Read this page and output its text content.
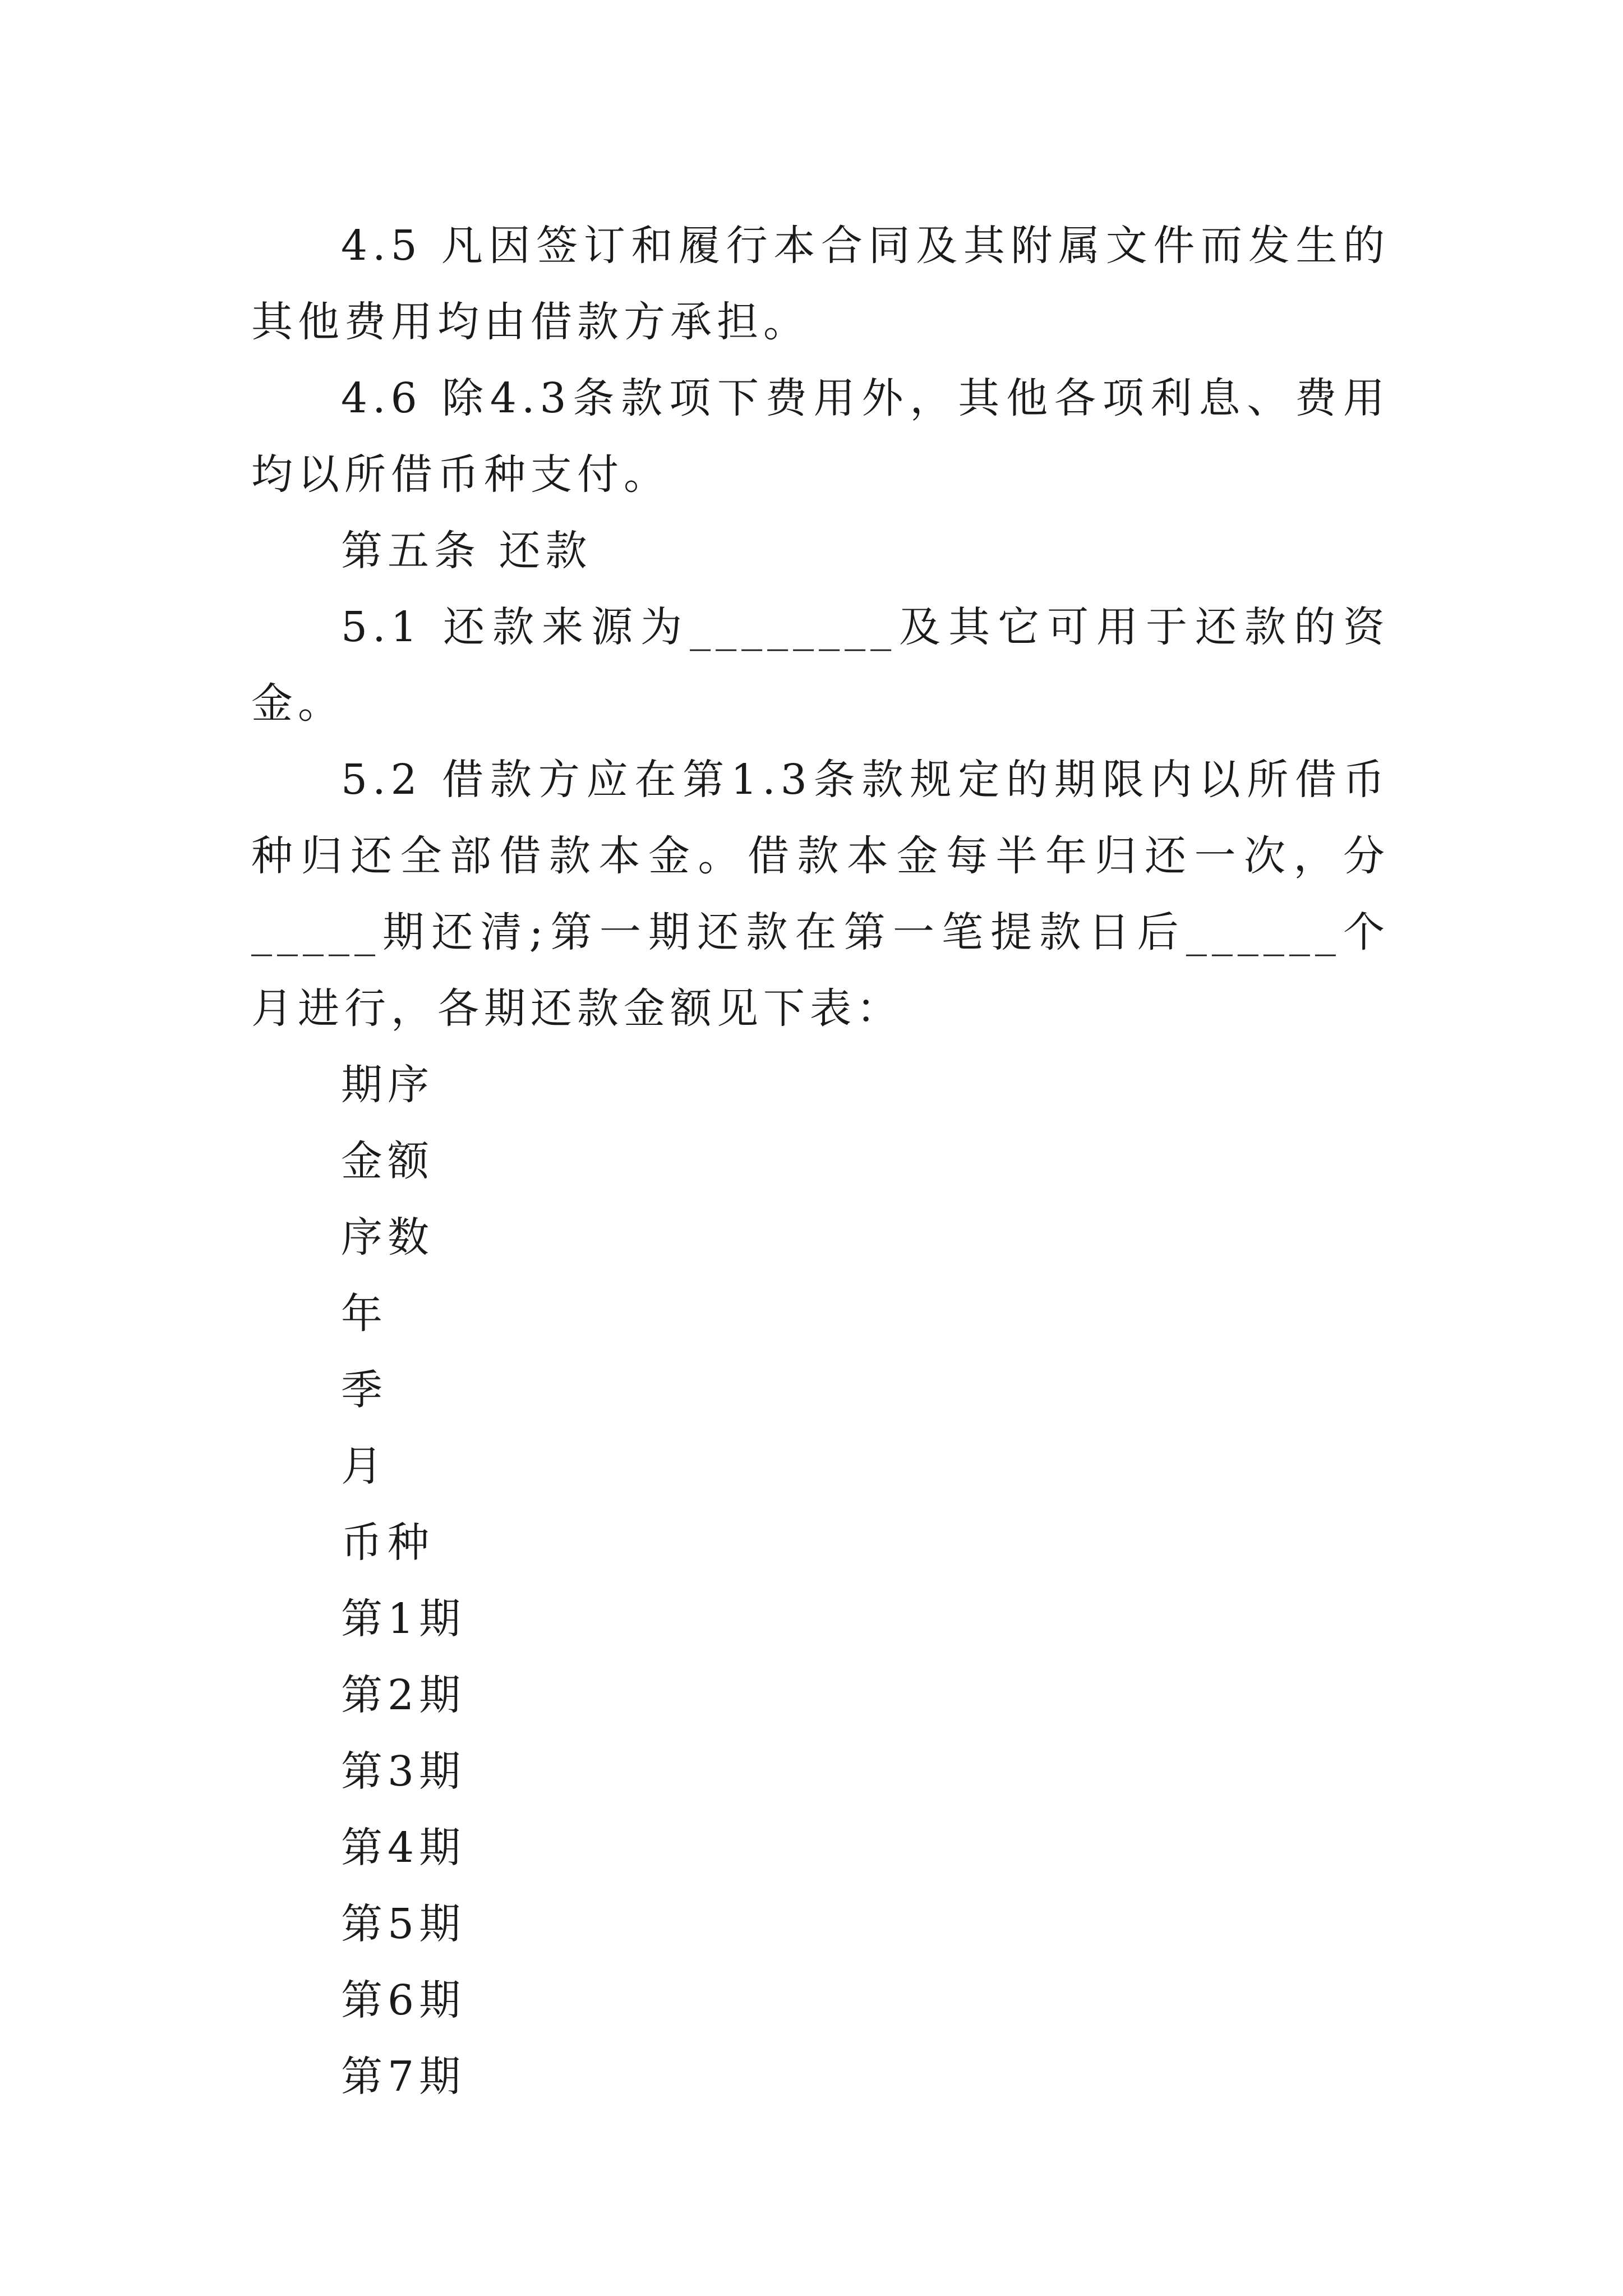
4.5 凡因签订和履行本合同及其附属文件而发生的其他费用均由借款方承担。

4.6 除4.3条款项下费用外，其他各项利息、费用均以所借币种支付。

第五条 还款

5.1 还款来源为________及其它可用于还款的资金。

5.2 借款方应在第1.3条款规定的期限内以所借币种归还全部借款本金。借款本金每半年归还一次，分_____期还清;第一期还款在第一笔提款日后______个月进行，各期还款金额见下表：

期序
金额
序数
年
季
月
币种
第1期
第2期
第3期
第4期
第5期
第6期
第7期
